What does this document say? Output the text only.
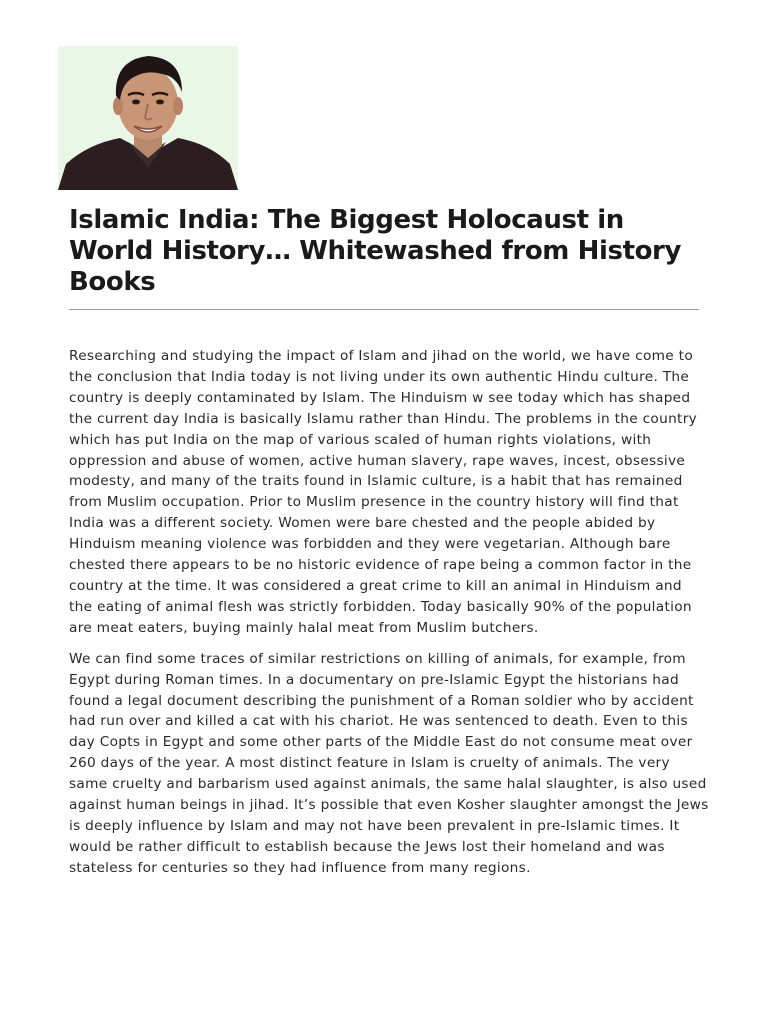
Islamic India: The Biggest Holocaust in World History… Whitewashed from History Books

Researching and studying the impact of Islam and jihad on the world, we have come to the conclusion that India today is not living under its own authentic Hindu culture. The country is deeply contaminated by Islam. The Hinduism w see today which has shaped the current day India is basically Islamu rather than Hindu. The problems in the country which has put India on the map of various scaled of human rights violations, with oppression and abuse of women, active human slavery, rape waves, incest, obsessive modesty, and many of the traits found in Islamic culture, is a habit that has remained from Muslim occupation. Prior to Muslim presence in the country history will find that India was a different society. Women were bare chested and the people abided by Hinduism meaning violence was forbidden and they were vegetarian. Although bare chested there appears to be no historic evidence of rape being a common factor in the country at the time. It was considered a great crime to kill an animal in Hinduism and the eating of animal flesh was strictly forbidden. Today basically 90% of the population are meat eaters, buying mainly halal meat from Muslim butchers.

We can find some traces of similar restrictions on killing of animals, for example, from Egypt during Roman times. In a documentary on pre-Islamic Egypt the historians had found a legal document describing the punishment of a Roman soldier who by accident had run over and killed a cat with his chariot. He was sentenced to death. Even to this day Copts in Egypt and some other parts of the Middle East do not consume meat over 260 days of the year. A most distinct feature in Islam is cruelty of animals. The very same cruelty and barbarism used against animals, the same halal slaughter, is also used against human beings in jihad. It’s possible that even Kosher slaughter amongst the Jews is deeply influence by Islam and may not have been prevalent in pre-Islamic times. It would be rather difficult to establish because the Jews lost their homeland and was stateless for centuries so they had influence from many regions.
